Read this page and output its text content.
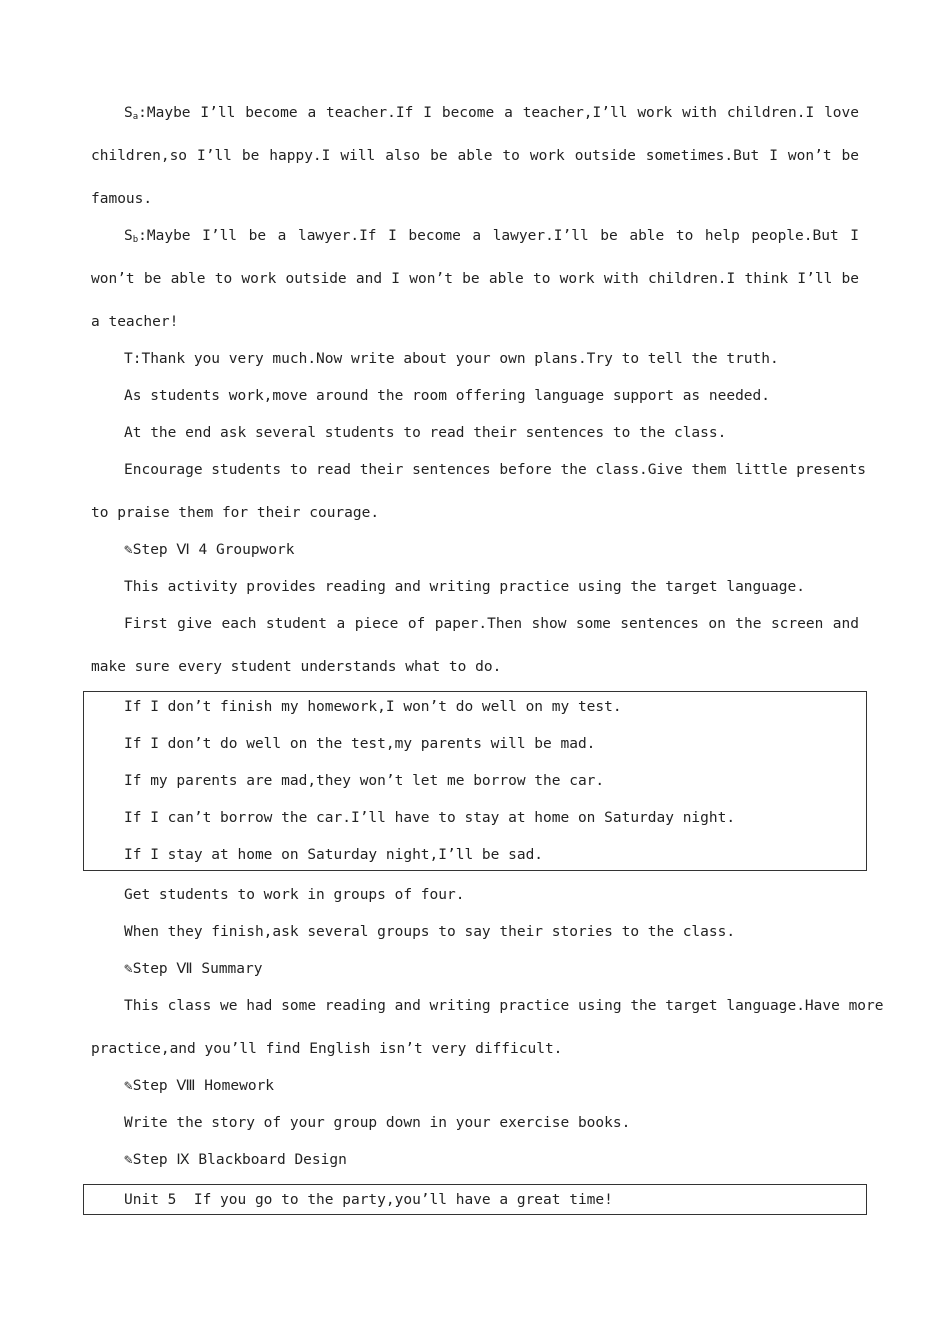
$S_a:Maybe$ I’ll become a teacher.If I become a teacher,I’ll work with children.I love
children,so I’ll be happy.I will also be able to work outside sometimes.But I won’t be
famous.
$S_b:Maybe$ I’ll be a lawyer.If I become a lawyer.I’ll be able to help people.But I
won’t be able to work outside and I won’t be able to work with children.I think I’ll be
a teacher!
T:Thank you very much.Now write about your own plans.Try to tell the truth.
As students work,move around the room offering language support as needed.
At the end ask several students to read their sentences to the class.
Encourage students to read their sentences before the class.Give them little presents
to praise them for their courage.
✎Step Ⅵ 4 Groupwork
This activity provides reading and writing practice using the target language.
First give each student a piece of paper.Then show some sentences on the screen and
make sure every student understands what to do.
If I don’t finish my homework,I won’t do well on my test.
If I don’t do well on the test,my parents will be mad.
If my parents are mad,they won’t let me borrow the car.
If I can’t borrow the car.I’ll have to stay at home on Saturday night.
If I stay at home on Saturday night,I’ll be sad.
Get students to work in groups of four.
When they finish,ask several groups to say their stories to the class.
✎Step Ⅶ Summary
This class we had some reading and writing practice using the target language.Have more
practice,and you’ll find English isn’t very difficult.
✎Step Ⅷ Homework
Write the story of your group down in your exercise books.
✎Step Ⅸ Blackboard Design
Unit 5  If you go to the party,you’ll have a great time!
